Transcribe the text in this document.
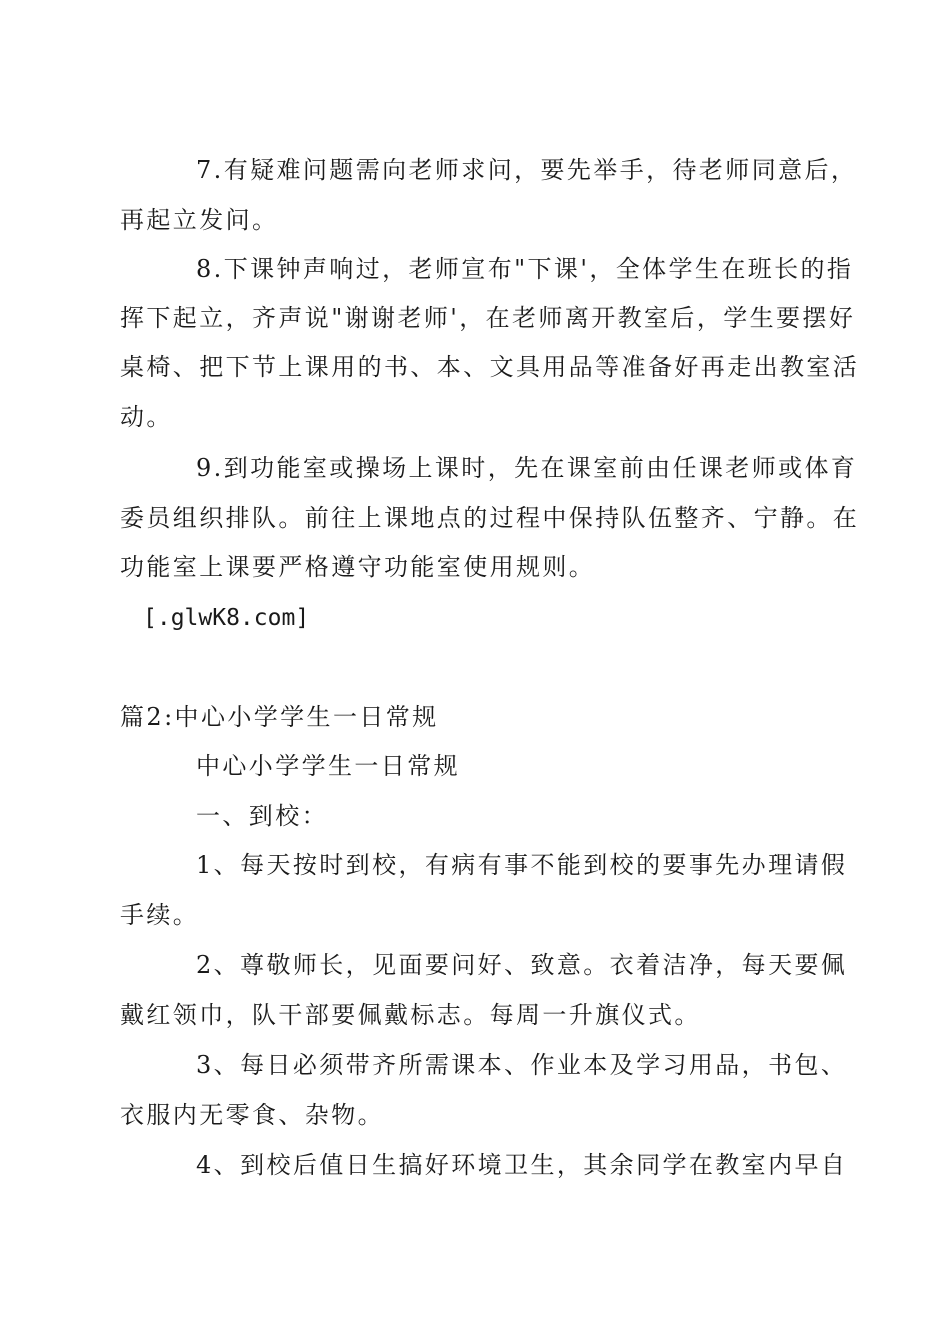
7.有疑难问题需向老师求问，要先举手，待老师同意后，
再起立发问。
8.下课钟声响过，老师宣布"下课'，全体学生在班长的指
挥下起立，齐声说"谢谢老师'，在老师离开教室后，学生要摆好
桌椅、把下节上课用的书、本、文具用品等准备好再走出教室活
动。
9.到功能室或操场上课时，先在课室前由任课老师或体育
委员组织排队。前往上课地点的过程中保持队伍整齐、宁静。在
功能室上课要严格遵守功能室使用规则。
[.glwK8.com]
篇2:中心小学学生一日常规
中心小学学生一日常规
一、到校：
1、每天按时到校，有病有事不能到校的要事先办理请假
手续。
2、尊敬师长，见面要问好、致意。衣着洁净，每天要佩
戴红领巾，队干部要佩戴标志。每周一升旗仪式。
3、每日必须带齐所需课本、作业本及学习用品，书包、
衣服内无零食、杂物。
4、到校后值日生搞好环境卫生，其余同学在教室内早自
